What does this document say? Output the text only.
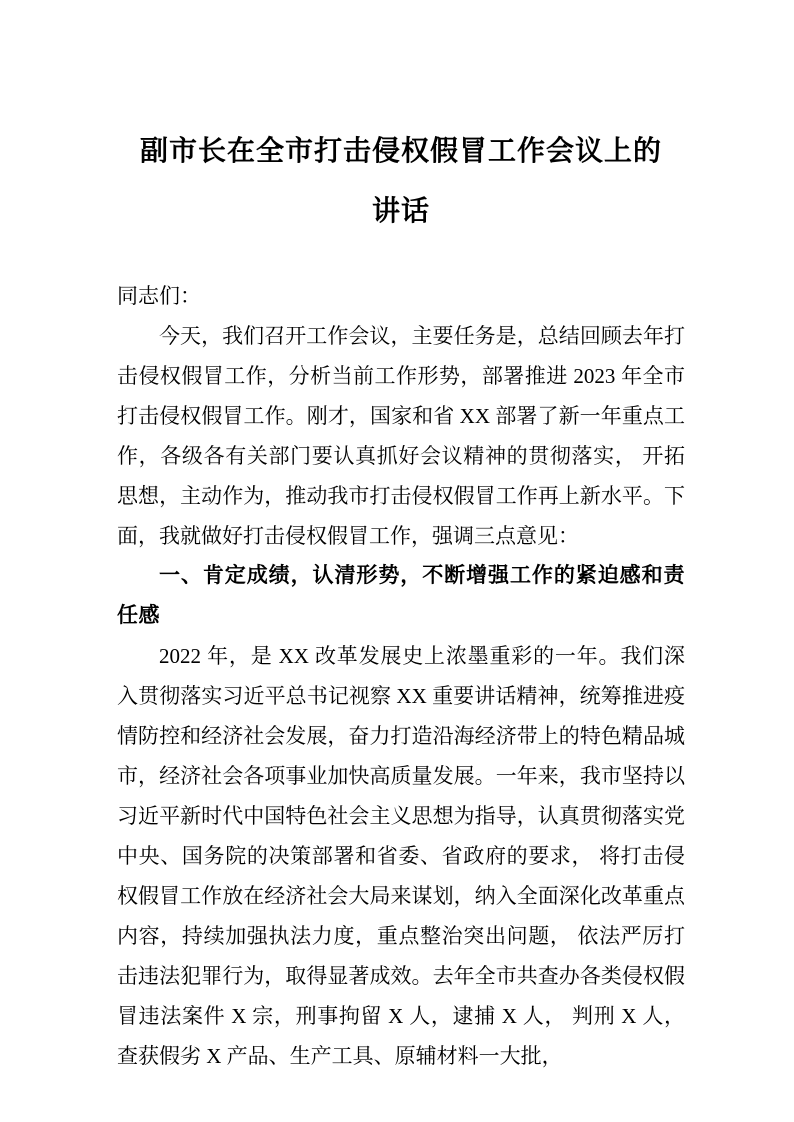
副市长在全市打击侵权假冒工作会议上的
讲话

同志们：

今天，我们召开工作会议，主要任务是，总结回顾去年打击侵权假冒工作，分析当前工作形势，部署推进 2023 年全市打击侵权假冒工作。刚才，国家和省 XX 部署了新一年重点工作，各级各有关部门要认真抓好会议精神的贯彻落实， 开拓思想，主动作为，推动我市打击侵权假冒工作再上新水平。下面，我就做好打击侵权假冒工作，强调三点意见：

一、肯定成绩，认清形势，不断增强工作的紧迫感和责任感

2022 年，是 XX 改革发展史上浓墨重彩的一年。我们深入贯彻落实习近平总书记视察 XX 重要讲话精神，统筹推进疫情防控和经济社会发展，奋力打造沿海经济带上的特色精品城市，经济社会各项事业加快高质量发展。一年来，我市坚持以习近平新时代中国特色社会主义思想为指导，认真贯彻落实党中央、国务院的决策部署和省委、省政府的要求， 将打击侵权假冒工作放在经济社会大局来谋划，纳入全面深化改革重点内容，持续加强执法力度，重点整治突出问题， 依法严厉打击违法犯罪行为，取得显著成效。去年全市共查办各类侵权假冒违法案件 X 宗，刑事拘留 X 人，逮捕 X 人， 判刑 X 人，查获假劣 X 产品、生产工具、原辅材料一大批，
